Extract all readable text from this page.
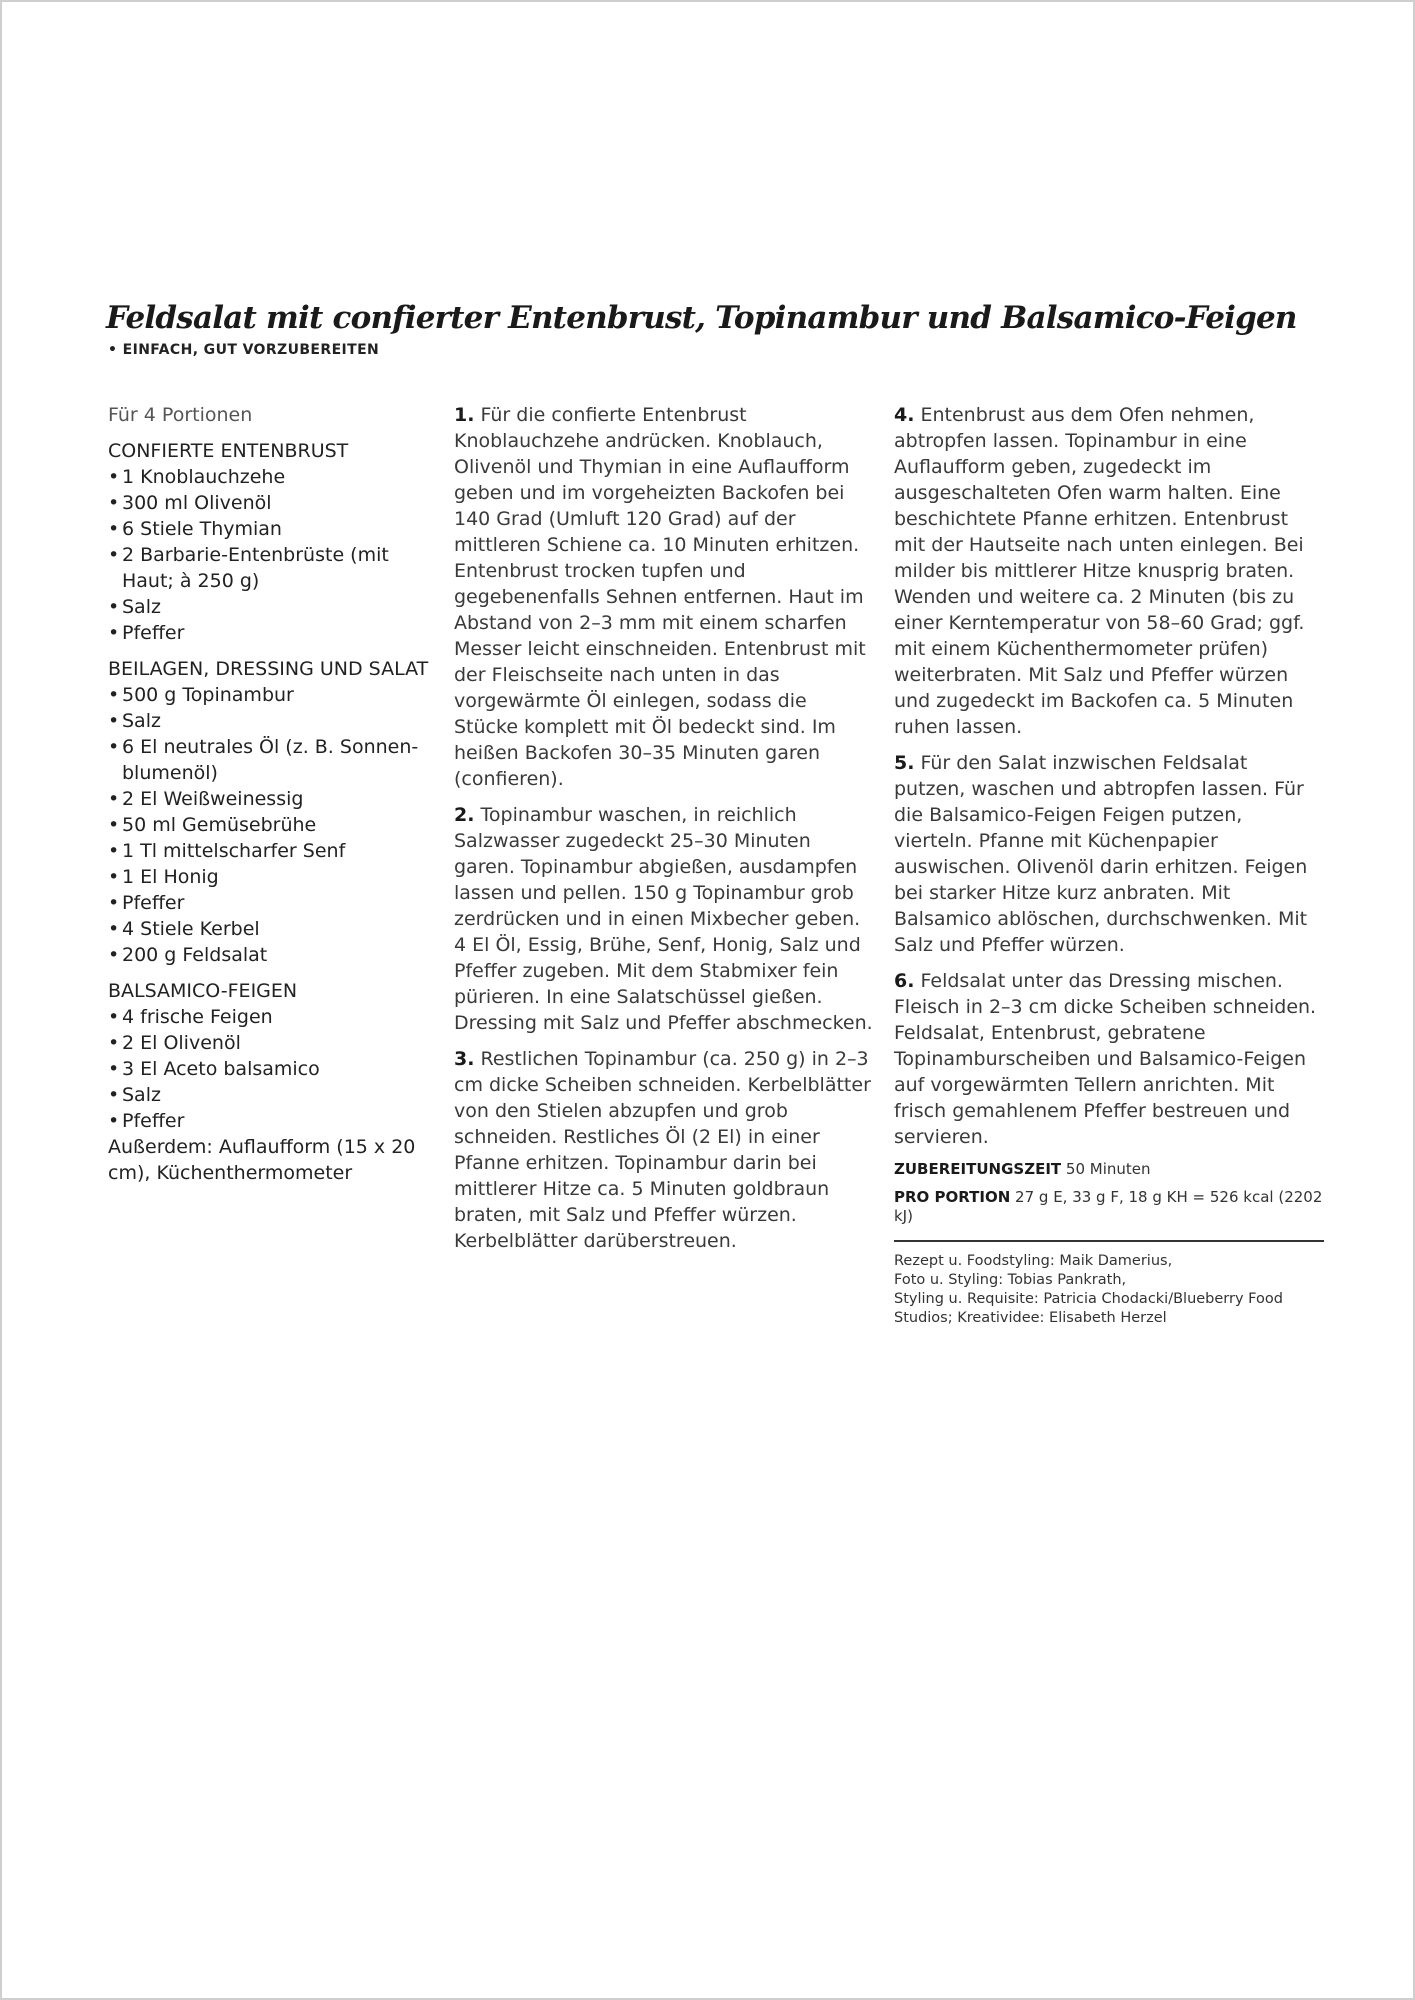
Feldsalat mit confierter Entenbrust, Topinambur und Balsamico-Feigen
• EINFACH, GUT VORZUBEREITEN
Für 4 Portionen
CONFIERTE ENTENBRUST
• 1 Knoblauchzehe
• 300 ml Olivenöl
• 6 Stiele Thymian
• 2 Barbarie-Entenbrüste (mit Haut; à 250 g)
• Salz
• Pfeffer
BEILAGEN, DRESSING UND SALAT
• 500 g Topinambur
• Salz
• 6 El neutrales Öl (z. B. Sonnen-blumenöl)
• 2 El Weißweinessig
• 50 ml Gemüsebrühe
• 1 Tl mittelscharfer Senf
• 1 El Honig
• Pfeffer
• 4 Stiele Kerbel
• 200 g Feldsalat
BALSAMICO-FEIGEN
• 4 frische Feigen
• 2 El Olivenöl
• 3 El Aceto balsamico
• Salz
• Pfeffer
Außerdem: Auflaufform (15 x 20 cm), Küchenthermometer

1. Für die confierte Entenbrust Knoblauchzehe andrücken. Knoblauch, Olivenöl und Thymian in eine Auflaufform geben und im vorgeheizten Backofen bei 140 Grad (Umluft 120 Grad) auf der mittleren Schiene ca. 10 Minuten erhitzen. Entenbrust trocken tupfen und gegebenenfalls Sehnen entfernen. Haut im Abstand von 2–3 mm mit einem scharfen Messer leicht einschneiden. Entenbrust mit der Fleischseite nach unten in das vorgewärmte Öl einlegen, sodass die Stücke komplett mit Öl bedeckt sind. Im heißen Backofen 30–35 Minuten garen (confieren).

2. Topinambur waschen, in reichlich Salzwasser zugedeckt 25–30 Minuten garen. Topinambur abgießen, ausdampfen lassen und pellen. 150 g Topinambur grob zerdrücken und in einen Mixbecher geben. 4 El Öl, Essig, Brühe, Senf, Honig, Salz und Pfeffer zugeben. Mit dem Stabmixer fein pürieren. In eine Salatschüssel gießen. Dressing mit Salz und Pfeffer abschmecken.

3. Restlichen Topinambur (ca. 250 g) in 2–3 cm dicke Scheiben schneiden. Kerbelblätter von den Stielen abzupfen und grob schneiden. Restliches Öl (2 El) in einer Pfanne erhitzen. Topinambur darin bei mittlerer Hitze ca. 5 Minuten goldbraun braten, mit Salz und Pfeffer würzen. Kerbelblätter darüberstreuen.

4. Entenbrust aus dem Ofen nehmen, abtropfen lassen. Topinambur in eine Auflaufform geben, zugedeckt im ausgeschalteten Ofen warm halten. Eine beschichtete Pfanne erhitzen. Entenbrust mit der Hautseite nach unten einlegen. Bei milder bis mittlerer Hitze knusprig braten. Wenden und weitere ca. 2 Minuten (bis zu einer Kerntemperatur von 58–60 Grad; ggf. mit einem Küchenthermometer prüfen) weiterbraten. Mit Salz und Pfeffer würzen und zugedeckt im Backofen ca. 5 Minuten ruhen lassen.

5. Für den Salat inzwischen Feldsalat putzen, waschen und abtropfen lassen. Für die Balsamico-Feigen Feigen putzen, vierteln. Pfanne mit Küchenpapier auswischen. Olivenöl darin erhitzen. Feigen bei starker Hitze kurz anbraten. Mit Balsamico ablöschen, durchschwenken. Mit Salz und Pfeffer würzen.

6. Feldsalat unter das Dressing mischen. Fleisch in 2–3 cm dicke Scheiben schneiden. Feldsalat, Entenbrust, gebratene Topinamburscheiben und Balsamico-Feigen auf vorgewärmten Tellern anrichten. Mit frisch gemahlenem Pfeffer bestreuen und servieren.

ZUBEREITUNGSZEIT 50 Minuten
PRO PORTION 27 g E, 33 g F, 18 g KH = 526 kcal (2202 kJ)
Rezept u. Foodstyling: Maik Damerius,
Foto u. Styling: Tobias Pankrath,
Styling u. Requisite: Patricia Chodacki/Blueberry Food Studios; Kreatividee: Elisabeth Herzel
